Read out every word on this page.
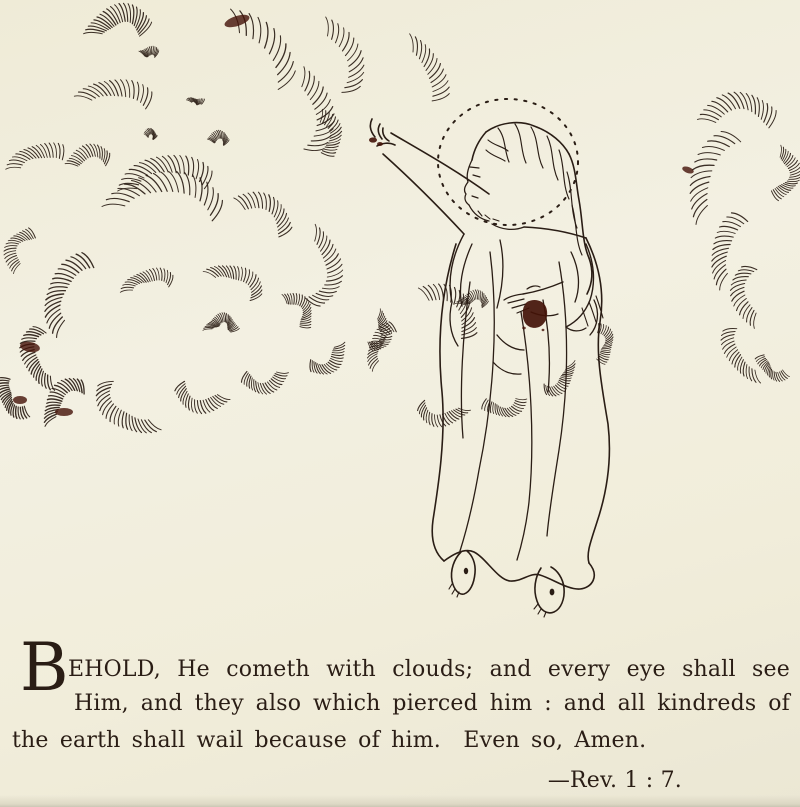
B EHOLD, He cometh with clouds; and every eye shall see
Him, and they also which pierced him : and all kindreds of
the earth shall wail because of him.  Even so, Amen.
—Rev. 1 : 7.
